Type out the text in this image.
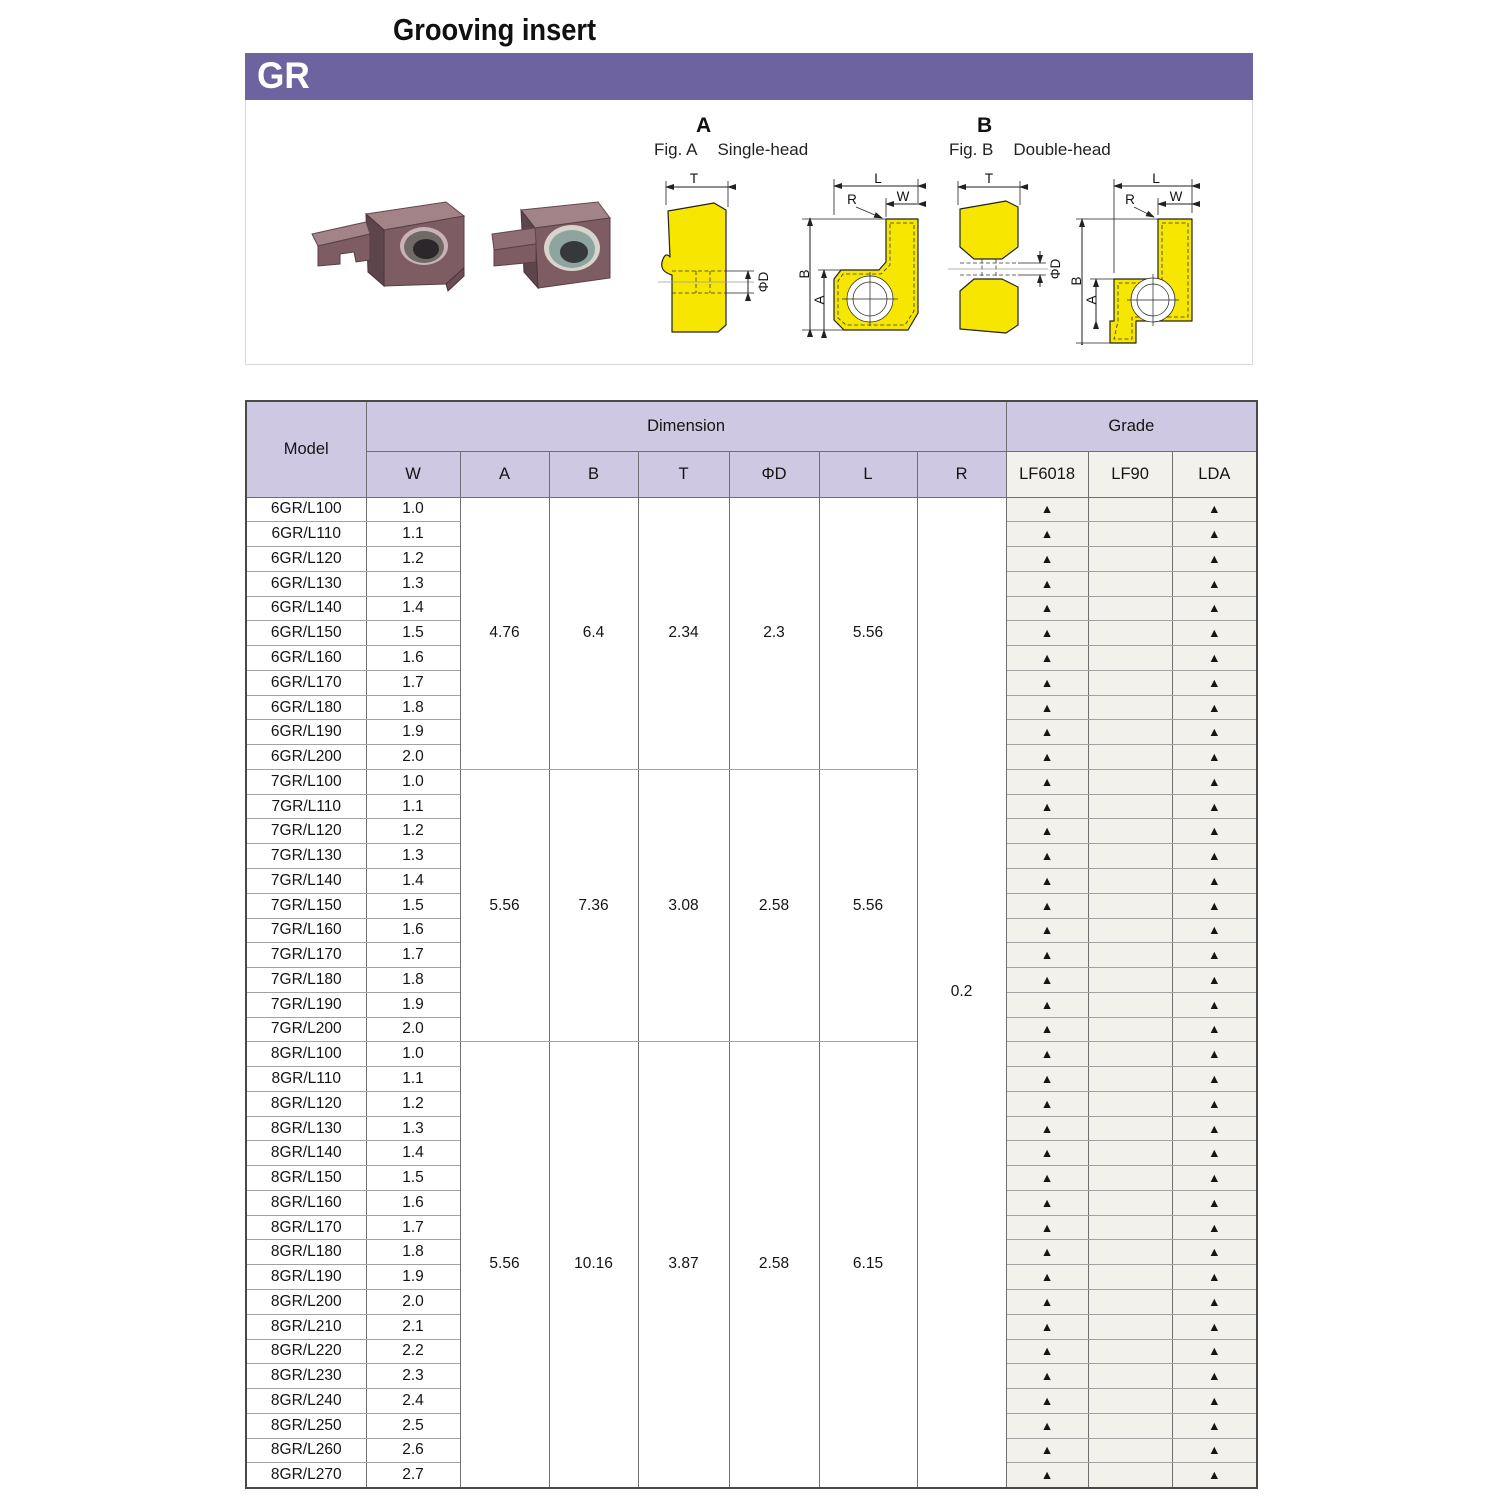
Grooving insert
GR
A
Fig. A Single-head
B
Fig. B Double-head
T
ΦD
L
W
R
B
A
T
ΦD
L
W
R
B
A
Model	Dimension							Grade		
	W	A	B	T	ΦD	L	R	LF6018	LF90	LDA
6GR/L100	1.0	4.76	6.4	2.34	2.3	5.56	0.2	▲		▲
6GR/L110	1.1							▲		▲
6GR/L120	1.2							▲		▲
6GR/L130	1.3							▲		▲
6GR/L140	1.4							▲		▲
6GR/L150	1.5							▲		▲
6GR/L160	1.6							▲		▲
6GR/L170	1.7							▲		▲
6GR/L180	1.8							▲		▲
6GR/L190	1.9							▲		▲
6GR/L200	2.0							▲		▲
7GR/L100	1.0	5.56	7.36	3.08	2.58	5.56		▲		▲
7GR/L110	1.1							▲		▲
7GR/L120	1.2							▲		▲
7GR/L130	1.3							▲		▲
7GR/L140	1.4							▲		▲
7GR/L150	1.5							▲		▲
7GR/L160	1.6							▲		▲
7GR/L170	1.7							▲		▲
7GR/L180	1.8							▲		▲
7GR/L190	1.9							▲		▲
7GR/L200	2.0							▲		▲
8GR/L100	1.0	5.56	10.16	3.87	2.58	6.15		▲		▲
8GR/L110	1.1							▲		▲
8GR/L120	1.2							▲		▲
8GR/L130	1.3							▲		▲
8GR/L140	1.4							▲		▲
8GR/L150	1.5							▲		▲
8GR/L160	1.6							▲		▲
8GR/L170	1.7							▲		▲
8GR/L180	1.8							▲		▲
8GR/L190	1.9							▲		▲
8GR/L200	2.0							▲		▲
8GR/L210	2.1							▲		▲
8GR/L220	2.2							▲		▲
8GR/L230	2.3							▲		▲
8GR/L240	2.4							▲		▲
8GR/L250	2.5							▲		▲
8GR/L260	2.6							▲		▲
8GR/L270	2.7							▲		▲
